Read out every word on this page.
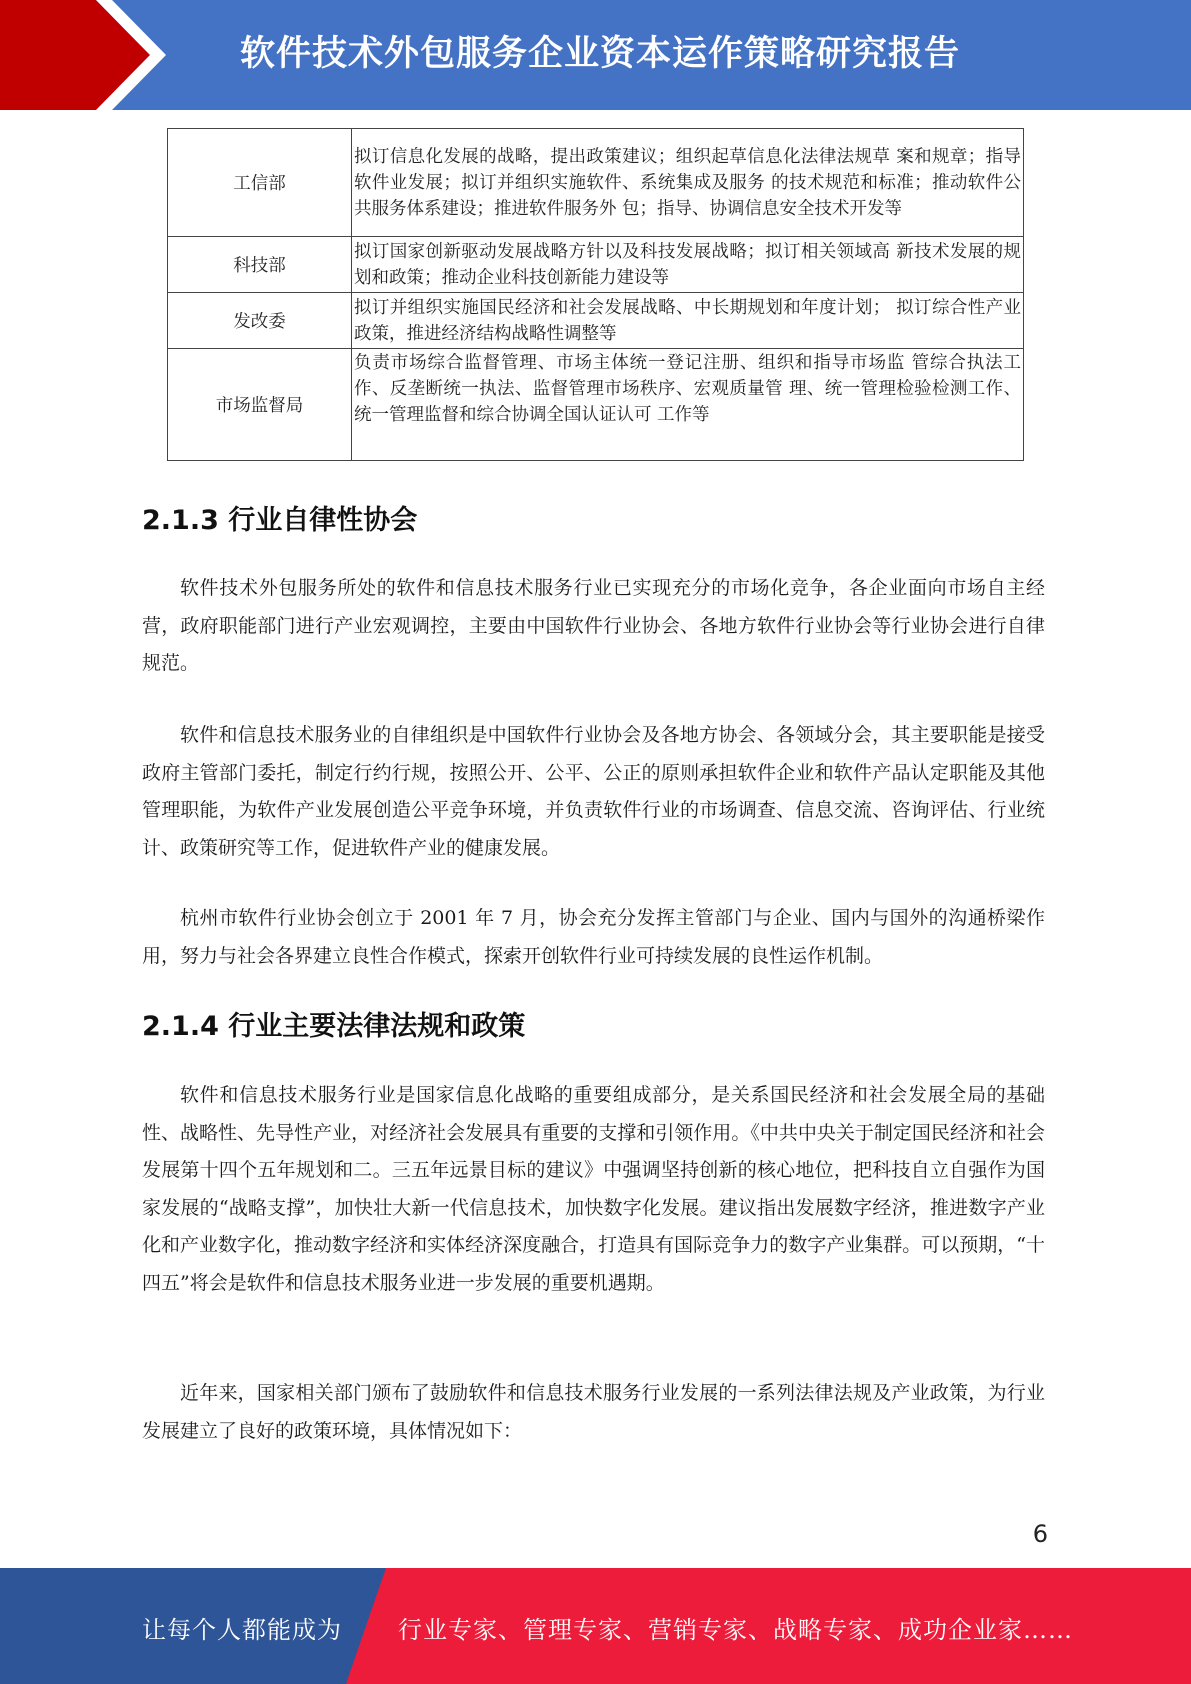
软件技术外包服务企业资本运作策略研究报告
工信部	拟订信息化发展的战略，提出政策建议；组织起草信息化法律法规草 案和规章；指导软件业发展；拟订并组织实施软件、系统集成及服务 的技术规范和标准；推动软件公共服务体系建设；推进软件服务外 包；指导、协调信息安全技术开发等
科技部	拟订国家创新驱动发展战略方针以及科技发展战略；拟订相关领域高 新技术发展的规划和政策；推动企业科技创新能力建设等
发改委	拟订并组织实施国民经济和社会发展战略、中长期规划和年度计划； 拟订综合性产业政策，推进经济结构战略性调整等
市场监督局	负责市场综合监督管理、市场主体统一登记注册、组织和指导市场监 管综合执法工作、反垄断统一执法、监督管理市场秩序、宏观质量管 理、统一管理检验检测工作、统一管理监督和综合协调全国认证认可 工作等
2.1.3 行业自律性协会

软件技术外包服务所处的软件和信息技术服务行业已实现充分的市场化竞争，各企业面向市场自主经营，政府职能部门进行产业宏观调控，主要由中国软件行业协会、各地方软件行业协会等行业协会进行自律规范。

软件和信息技术服务业的自律组织是中国软件行业协会及各地方协会、各领域分会，其主要职能是接受政府主管部门委托，制定行约行规，按照公开、公平、公正的原则承担软件企业和软件产品认定职能及其他管理职能，为软件产业发展创造公平竞争环境，并负责软件行业的市场调查、信息交流、咨询评估、行业统计、政策研究等工作，促进软件产业的健康发展。

杭州市软件行业协会创立于 2001 年 7 月，协会充分发挥主管部门与企业、国内与国外的沟通桥梁作用，努力与社会各界建立良性合作模式，探索开创软件行业可持续发展的良性运作机制。

2.1.4 行业主要法律法规和政策

软件和信息技术服务行业是国家信息化战略的重要组成部分，是关系国民经济和社会发展全局的基础性、战略性、先导性产业，对经济社会发展具有重要的支撑和引领作用。《中共中央关于制定国民经济和社会发展第十四个五年规划和二。三五年远景目标的建议》中强调坚持创新的核心地位，把科技自立自强作为国家发展的“战略支撑”，加快壮大新一代信息技术，加快数字化发展。建议指出发展数字经济，推进数字产业化和产业数字化，推动数字经济和实体经济深度融合，打造具有国际竞争力的数字产业集群。可以预期，“十四五”将会是软件和信息技术服务业进一步发展的重要机遇期。

近年来，国家相关部门颁布了鼓励软件和信息技术服务行业发展的一系列法律法规及产业政策，为行业发展建立了良好的政策环境，具体情况如下：

6
让每个人都能成为 行业专家、管理专家、营销专家、战略专家、成功企业家……
